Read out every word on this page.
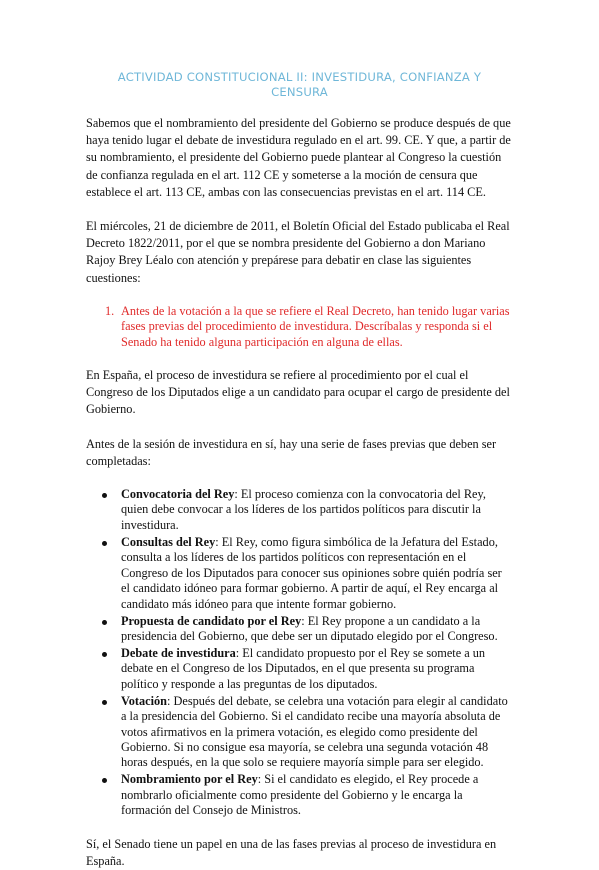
ACTIVIDAD CONSTITUCIONAL II: INVESTIDURA, CONFIANZA Y CENSURA

Sabemos que el nombramiento del presidente del Gobierno se produce después de que haya tenido lugar el debate de investidura regulado en el art. 99. CE. Y que, a partir de su nombramiento, el presidente del Gobierno puede plantear al Congreso la cuestión de confianza regulada en el art. 112 CE y someterse a la moción de censura que establece el art. 113 CE, ambas con las consecuencias previstas en el art. 114 CE.

El miércoles, 21 de diciembre de 2011, el Boletín Oficial del Estado publicaba el Real Decreto 1822/2011, por el que se nombra presidente del Gobierno a don Mariano Rajoy Brey Léalo con atención y prepárese para debatir en clase las siguientes cuestiones:

1. Antes de la votación a la que se refiere el Real Decreto, han tenido lugar varias fases previas del procedimiento de investidura. Descríbalas y responda si el Senado ha tenido alguna participación en alguna de ellas.

En España, el proceso de investidura se refiere al procedimiento por el cual el Congreso de los Diputados elige a un candidato para ocupar el cargo de presidente del Gobierno.

Antes de la sesión de investidura en sí, hay una serie de fases previas que deben ser completadas:

Convocatoria del Rey: El proceso comienza con la convocatoria del Rey, quien debe convocar a los líderes de los partidos políticos para discutir la investidura.
Consultas del Rey: El Rey, como figura simbólica de la Jefatura del Estado, consulta a los líderes de los partidos políticos con representación en el Congreso de los Diputados para conocer sus opiniones sobre quién podría ser el candidato idóneo para formar gobierno. A partir de aquí, el Rey encarga al candidato más idóneo para que intente formar gobierno.
Propuesta de candidato por el Rey: El Rey propone a un candidato a la presidencia del Gobierno, que debe ser un diputado elegido por el Congreso.
Debate de investidura: El candidato propuesto por el Rey se somete a un debate en el Congreso de los Diputados, en el que presenta su programa político y responde a las preguntas de los diputados.
Votación: Después del debate, se celebra una votación para elegir al candidato a la presidencia del Gobierno. Si el candidato recibe una mayoría absoluta de votos afirmativos en la primera votación, es elegido como presidente del Gobierno. Si no consigue esa mayoría, se celebra una segunda votación 48 horas después, en la que solo se requiere mayoría simple para ser elegido.
Nombramiento por el Rey: Si el candidato es elegido, el Rey procede a nombrarlo oficialmente como presidente del Gobierno y le encarga la formación del Consejo de Ministros.

Sí, el Senado tiene un papel en una de las fases previas al proceso de investidura en España.
